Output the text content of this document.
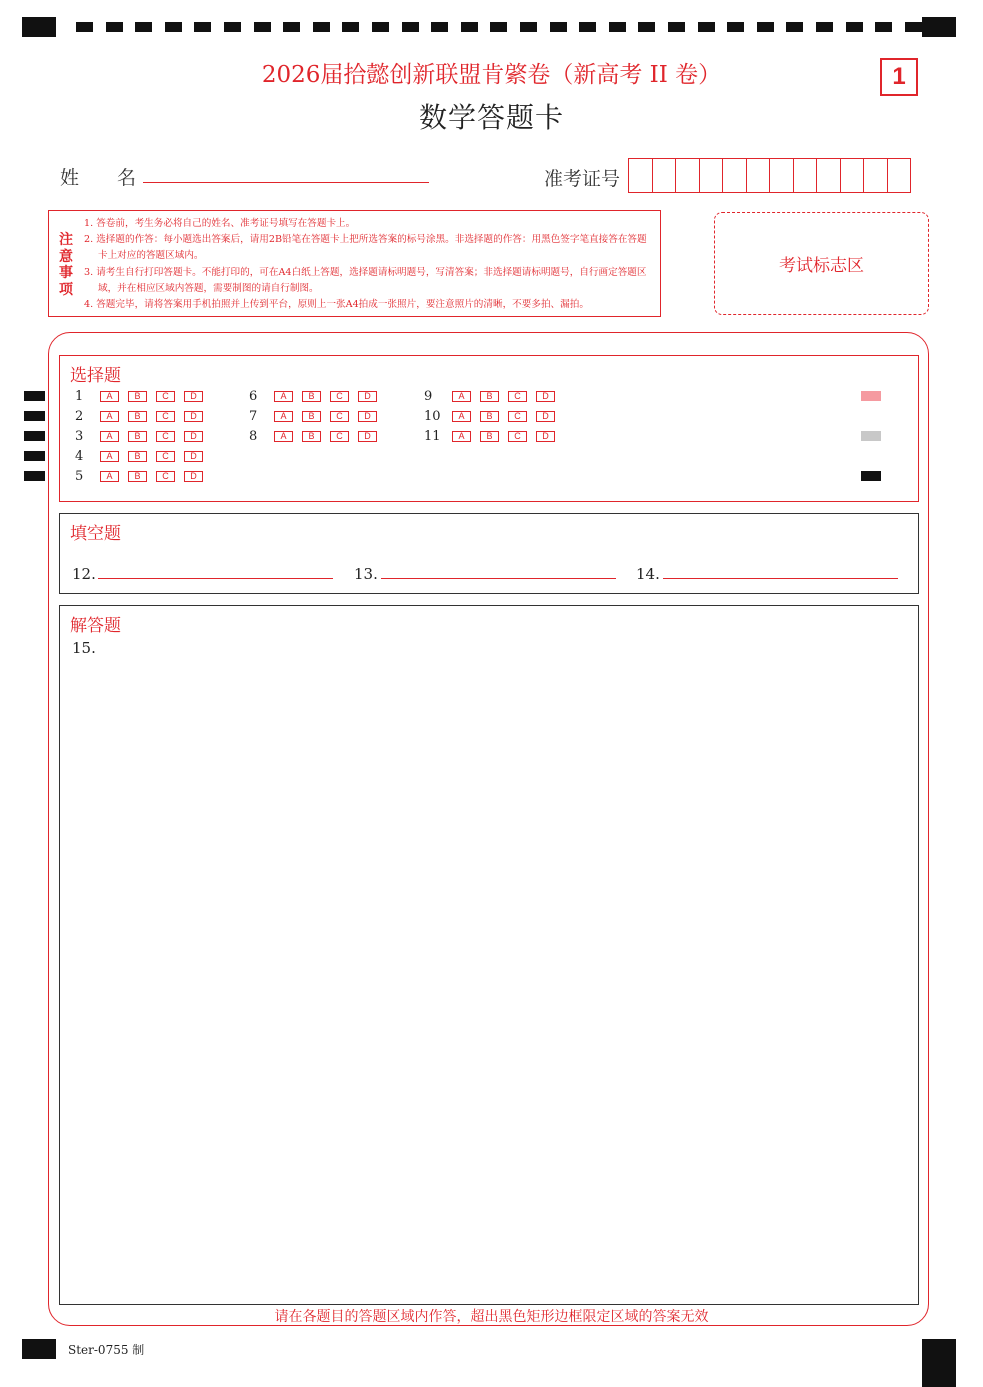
2026届拾懿创新联盟肯綮卷（新高考 II 卷）
数学答题卡
1
姓　　名	准考证号
注意事项
1. 答卷前，考生务必将自己的姓名、准考证号填写在答题卡上。
2. 选择题的作答：每小题选出答案后，请用2B铅笔在答题卡上把所选答案的标号涂黑。非选择题的作答：用黑色签字笔直接答在答题卡上对应的答题区域内。
3. 请考生自行打印答题卡。不能打印的，可在A4白纸上答题，选择题请标明题号，写清答案；非选择题请标明题号，自行画定答题区域，并在相应区域内答题，需要制图的请自行制图。
4. 答题完毕，请将答案用手机拍照并上传到平台，原则上一张A4拍成一张照片，要注意照片的清晰，不要多拍、漏拍。
考试标志区
选择题
1	A	B	C	D
2	A	B	C	D
3	A	B	C	D
4	A	B	C	D
5	A	B	C	D
6	A	B	C	D
7	A	B	C	D
8	A	B	C	D
9	A	B	C	D
10	A	B	C	D
11	A	B	C	D
填空题
12.	13.	14.
解答题
15.
请在各题目的答题区域内作答，超出黑色矩形边框限定区域的答案无效
Ster-0755 制
